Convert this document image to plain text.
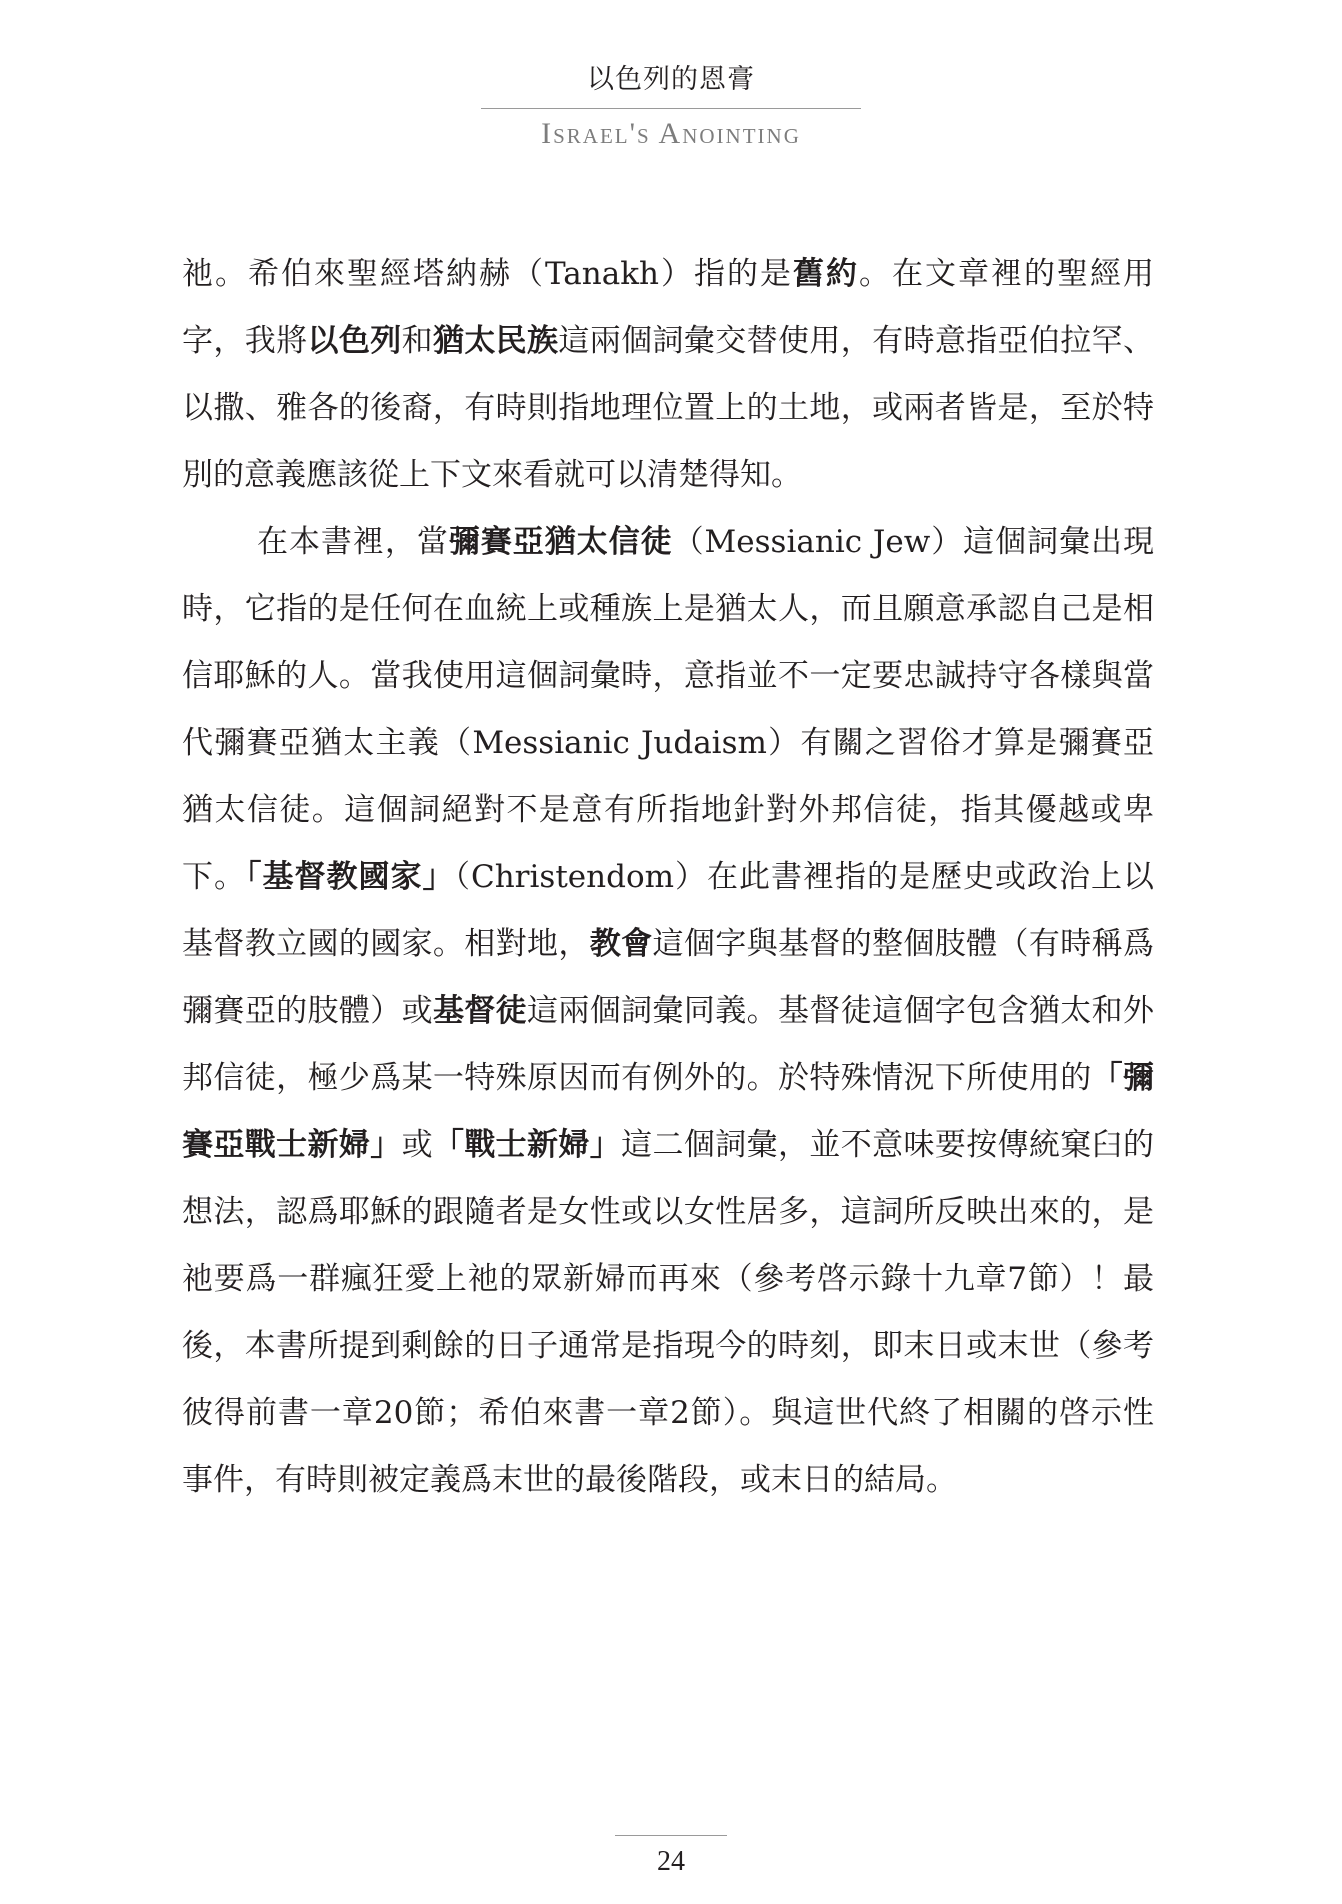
以色列的恩膏
Israel's Anointing

祂。希伯來聖經塔納赫（Tanakh）指的是舊約。在文章裡的聖經用字，我將以色列和猶太民族這兩個詞彙交替使用，有時意指亞伯拉罕、以撒、雅各的後裔，有時則指地理位置上的土地，或兩者皆是，至於特別的意義應該從上下文來看就可以清楚得知。

在本書裡，當彌賽亞猶太信徒（Messianic Jew）這個詞彙出現時，它指的是任何在血統上或種族上是猶太人，而且願意承認自己是相信耶穌的人。當我使用這個詞彙時，意指並不一定要忠誠持守各樣與當代彌賽亞猶太主義（Messianic Judaism）有關之習俗才算是彌賽亞猶太信徒。這個詞絕對不是意有所指地針對外邦信徒，指其優越或卑下。「基督教國家」（Christendom）在此書裡指的是歷史或政治上以基督教立國的國家。相對地，教會這個字與基督的整個肢體（有時稱爲彌賽亞的肢體）或基督徒這兩個詞彙同義。基督徒這個字包含猶太和外邦信徒，極少爲某一特殊原因而有例外的。於特殊情況下所使用的「彌賽亞戰士新婦」或「戰士新婦」這二個詞彙，並不意味要按傳統窠臼的想法，認爲耶穌的跟隨者是女性或以女性居多，這詞所反映出來的，是祂要爲一群瘋狂愛上祂的眾新婦而再來（參考啓示錄十九章7節）！最後，本書所提到剩餘的日子通常是指現今的時刻，即末日或末世（參考彼得前書一章20節；希伯來書一章2節）。與這世代終了相關的啓示性事件，有時則被定義爲末世的最後階段，或末日的結局。

24
